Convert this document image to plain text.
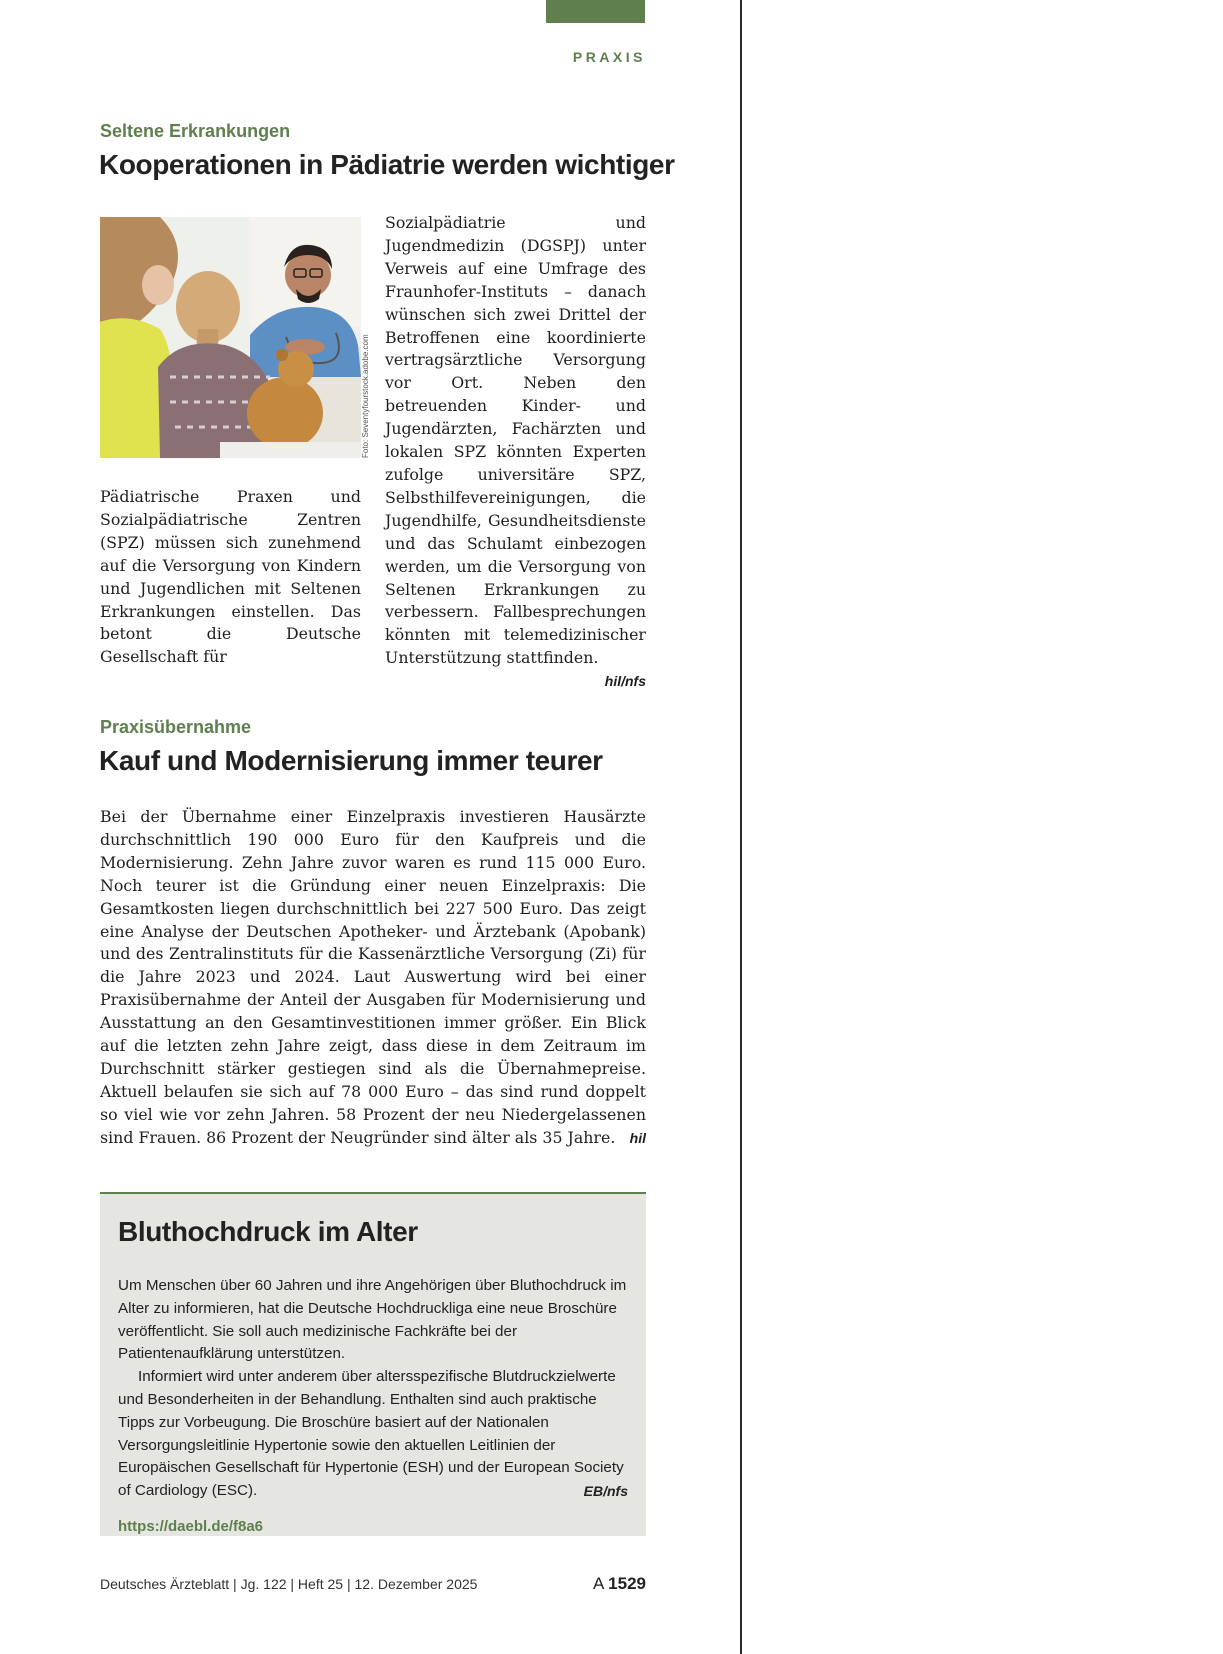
PRAXIS
Seltene Erkrankungen
Kooperationen in Pädiatrie werden wichtiger
Foto: Seventyfourstock.adobe.com

Pädiatrische Praxen und Sozialpädiatrische Zentren (SPZ) müssen sich zunehmend auf die Versorgung von Kindern und Jugendlichen mit Seltenen Erkrankungen einstellen. Das betont die Deutsche Gesellschaft für

Sozialpädiatrie und Jugendmedizin (DGSPJ) unter Verweis auf eine Umfrage des Fraunhofer-Instituts – danach wünschen sich zwei Drittel der Betroffenen eine koordinierte vertragsärztliche Versorgung vor Ort. Neben den betreuenden Kinder- und Jugendärzten, Fachärzten und lokalen SPZ könnten Experten zufolge universitäre SPZ, Selbsthilfevereinigungen, die Jugendhilfe, Gesundheitsdienste und das Schulamt einbezogen werden, um die Versorgung von Seltenen Erkrankungen zu verbessern. Fallbesprechungen könnten mit telemedizinischer Unterstützung stattfinden.
hil/nfs

Praxisübernahme
Kauf und Modernisierung immer teurer

Bei der Übernahme einer Einzelpraxis investieren Hausärzte durchschnittlich 190 000 Euro für den Kaufpreis und die Modernisierung. Zehn Jahre zuvor waren es rund 115 000 Euro. Noch teurer ist die Gründung einer neuen Einzelpraxis: Die Gesamtkosten liegen durchschnittlich bei 227 500 Euro. Das zeigt eine Analyse der Deutschen Apotheker- und Ärztebank (Apobank) und des Zentralinstituts für die Kassenärztliche Versorgung (Zi) für die Jahre 2023 und 2024. Laut Auswertung wird bei einer Praxisübernahme der Anteil der Ausgaben für Modernisierung und Ausstattung an den Gesamtinvestitionen immer größer. Ein Blick auf die letzten zehn Jahre zeigt, dass diese in dem Zeitraum im Durchschnitt stärker gestiegen sind als die Übernahmepreise. Aktuell belaufen sie sich auf 78 000 Euro – das sind rund doppelt so viel wie vor zehn Jahren. 58 Prozent der neu Niedergelassenen sind Frauen. 86 Prozent der Neugründer sind älter als 35 Jahre. hil

Bluthochdruck im Alter

Um Menschen über 60 Jahren und ihre Angehörigen über Bluthochdruck im Alter zu informieren, hat die Deutsche Hochdruckliga eine neue Broschüre veröffentlicht. Sie soll auch medizinische Fachkräfte bei der Patientenaufklärung unterstützen.

Informiert wird unter anderem über altersspezifische Blutdruckzielwerte und Besonderheiten in der Behandlung. Enthalten sind auch praktische Tipps zur Vorbeugung. Die Broschüre basiert auf der Nationalen Versorgungsleitlinie Hypertonie sowie den aktuellen Leitlinien der Europäischen Gesellschaft für Hypertonie (ESH) und der European Society of Cardiology (ESC).	EB/nfs

https://daebl.de/f8a6
Deutsches Ärzteblatt | Jg. 122 | Heft 25 | 12. Dezember 2025	A 1529
